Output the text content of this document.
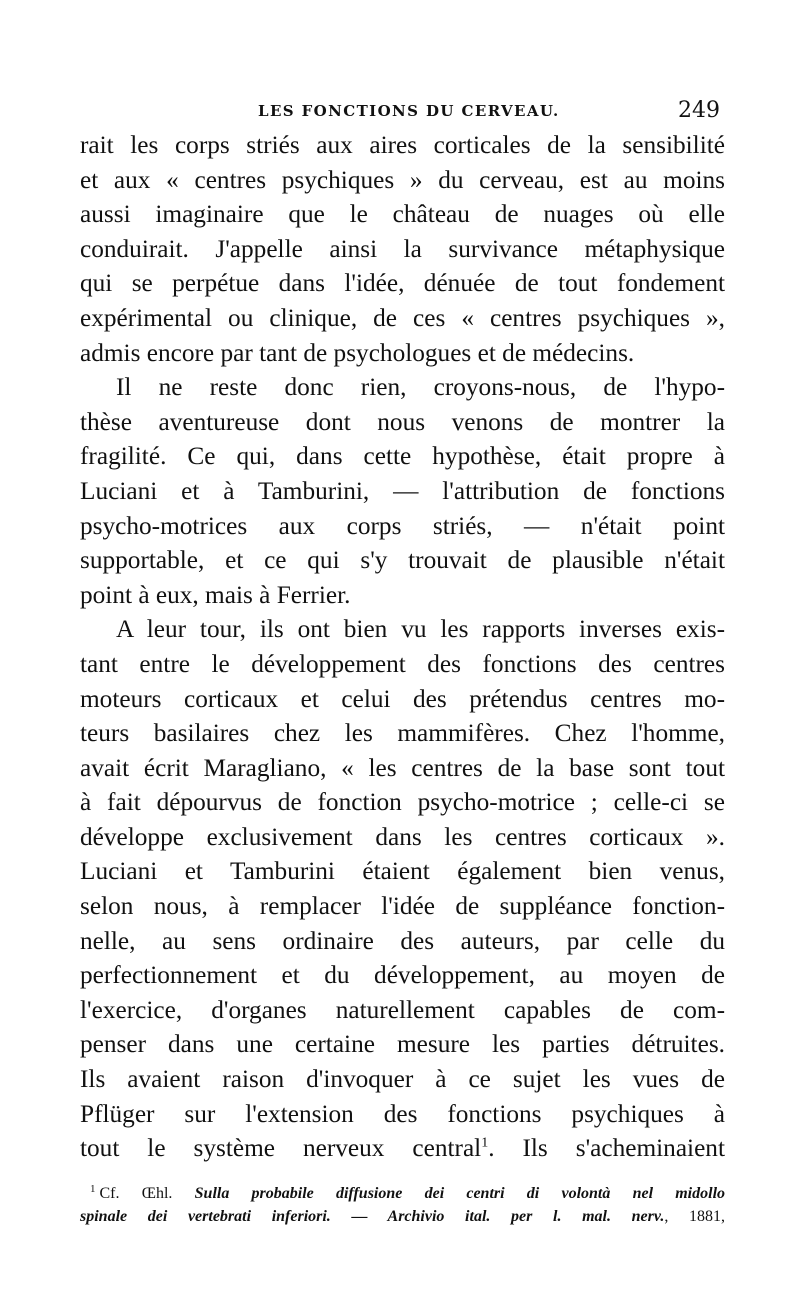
LES FONCTIONS DU CERVEAU.	249
rait les corps striés aux aires corticales de la sensibilité
et aux « centres psychiques » du cerveau, est au moins
aussi imaginaire que le château de nuages où elle
conduirait. J'appelle ainsi la survivance métaphysique
qui se perpétue dans l'idée, dénuée de tout fondement
expérimental ou clinique, de ces « centres psychiques »,
admis encore par tant de psychologues et de médecins.
Il ne reste donc rien, croyons-nous, de l'hypo-
thèse aventureuse dont nous venons de montrer la
fragilité. Ce qui, dans cette hypothèse, était propre à
Luciani et à Tamburini, — l'attribution de fonctions
psycho-motrices aux corps striés, — n'était point
supportable, et ce qui s'y trouvait de plausible n'était
point à eux, mais à Ferrier.
A leur tour, ils ont bien vu les rapports inverses exis-
tant entre le développement des fonctions des centres
moteurs corticaux et celui des prétendus centres mo-
teurs basilaires chez les mammifères. Chez l'homme,
avait écrit Maragliano, « les centres de la base sont tout
à fait dépourvus de fonction psycho-motrice ; celle-ci se
développe exclusivement dans les centres corticaux ».
Luciani et Tamburini étaient également bien venus,
selon nous, à remplacer l'idée de suppléance fonction-
nelle, au sens ordinaire des auteurs, par celle du
perfectionnement et du développement, au moyen de
l'exercice, d'organes naturellement capables de com-
penser dans une certaine mesure les parties détruites.
Ils avaient raison d'invoquer à ce sujet les vues de
Pflüger sur l'extension des fonctions psychiques à
tout le système nerveux central$^1$. Ils s'acheminaient
$^1$ Cf. Œhl. Sulla probabile diffusione dei centri di volontà nel midollo
spinale dei vertebrati inferiori. — Archivio ital. per l. mal. nerv., 1881,
